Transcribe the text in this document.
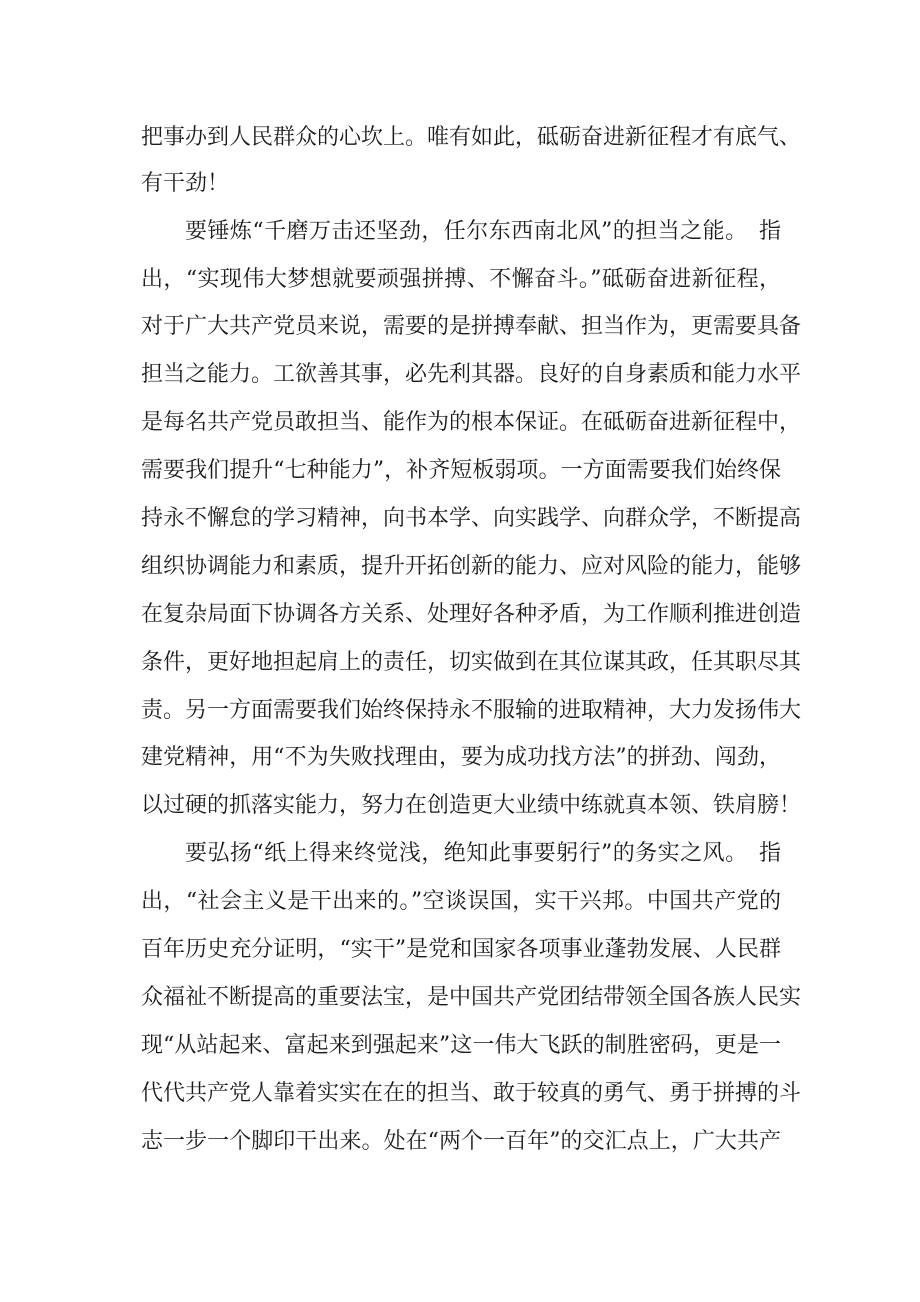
把事办到人民群众的心坎上。唯有如此，砥砺奋进新征程才有底气、
有干劲！
要锤炼“千磨万击还坚劲，任尔东西南北风”的担当之能。　指
出，“实现伟大梦想就要顽强拼搏、不懈奋斗。”砥砺奋进新征程，
对于广大共产党员来说，需要的是拼搏奉献、担当作为，更需要具备
担当之能力。工欲善其事，必先利其器。良好的自身素质和能力水平
是每名共产党员敢担当、能作为的根本保证。在砥砺奋进新征程中，
需要我们提升“七种能力”，补齐短板弱项。一方面需要我们始终保
持永不懈怠的学习精神，向书本学、向实践学、向群众学，不断提高
组织协调能力和素质，提升开拓创新的能力、应对风险的能力，能够
在复杂局面下协调各方关系、处理好各种矛盾，为工作顺利推进创造
条件，更好地担起肩上的责任，切实做到在其位谋其政，任其职尽其
责。另一方面需要我们始终保持永不服输的进取精神，大力发扬伟大
建党精神，用“不为失败找理由，要为成功找方法”的拼劲、闯劲，
以过硬的抓落实能力，努力在创造更大业绩中练就真本领、铁肩膀！
要弘扬“纸上得来终觉浅，绝知此事要躬行”的务实之风。　指
出，“社会主义是干出来的。”空谈误国，实干兴邦。中国共产党的
百年历史充分证明，“实干”是党和国家各项事业蓬勃发展、人民群
众福祉不断提高的重要法宝，是中国共产党团结带领全国各族人民实
现“从站起来、富起来到强起来”这一伟大飞跃的制胜密码，更是一
代代共产党人靠着实实在在的担当、敢于较真的勇气、勇于拼搏的斗
志一步一个脚印干出来。处在“两个一百年”的交汇点上，广大共产
